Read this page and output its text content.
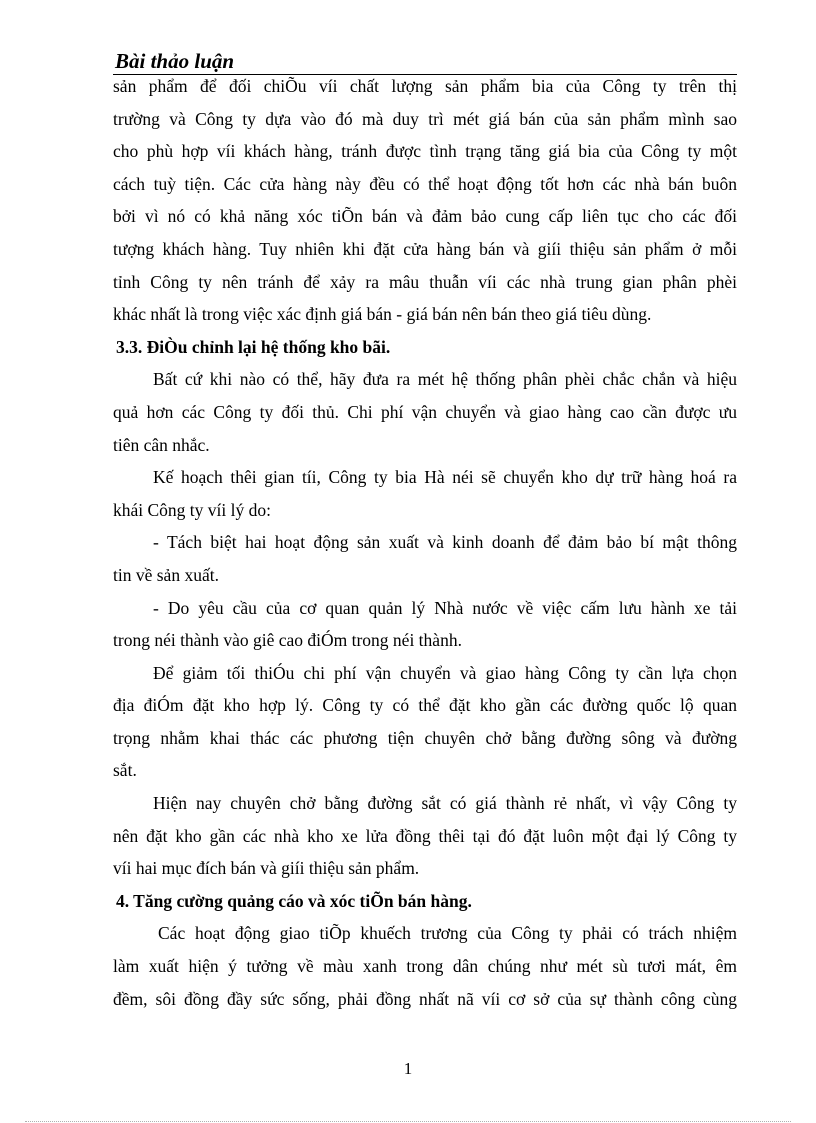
Bài thảo luận
sản phẩm để đối chiÕu víi chất lượng sản phẩm bia của Công ty trên thị
trường và Công ty dựa vào đó mà duy trì mét giá bán của sản phẩm mình sao
cho phù hợp víi khách hàng, tránh được tình trạng tăng giá bia của Công ty một
cách tuỳ tiện. Các cửa hàng này đều có thể hoạt động tốt hơn các nhà bán buôn
bởi vì nó có khả năng xóc tiÕn bán và đảm bảo cung cấp liên tục cho các đối
tượng khách hàng. Tuy nhiên khi đặt cửa hàng bán và giíi thiệu sản phẩm ở mỗi
tỉnh Công ty nên tránh để xảy ra mâu thuẫn víi các nhà trung gian phân phèi
khác nhất là trong việc xác định giá bán - giá bán nên bán theo giá tiêu dùng.
3.3. ĐiÒu chỉnh lại hệ thống kho bãi.
Bất cứ khi nào có thể, hãy đưa ra mét hệ thống phân phèi chắc chắn và hiệu
quả hơn các Công ty đối thủ. Chi phí vận chuyển và giao hàng cao cần được ưu
tiên cân nhắc.
Kế hoạch thêi gian tíi, Công ty bia Hà néi sẽ chuyển kho dự trữ hàng hoá ra
khái Công ty víi lý do:
- Tách biệt hai hoạt động sản xuất và kinh doanh để đảm bảo bí mật thông
tin về sản xuất.
- Do yêu cầu của cơ quan quản lý Nhà nước về việc cấm lưu hành xe tải
trong néi thành vào giê cao điÓm trong néi thành.
Để giảm tối thiÓu chi phí vận chuyển và giao hàng Công ty cần lựa chọn
địa điÓm đặt kho hợp lý. Công ty có thể đặt kho gần các đường quốc lộ quan
trọng nhằm khai thác các phương tiện chuyên chở bằng đường sông và đường
sắt.
Hiện nay chuyên chở bằng đường sắt có giá thành rẻ nhất, vì vậy Công ty
nên đặt kho gần các nhà kho xe lửa đồng thêi tại đó đặt luôn một đại lý Công ty
víi hai mục đích bán và giíi thiệu sản phẩm.
4. Tăng cường quảng cáo và xóc tiÕn bán hàng.
Các hoạt động giao tiÕp khuếch trương của Công ty phải có trách nhiệm
làm xuất hiện ý tưởng về màu xanh trong dân chúng như mét sù tươi mát, êm
đềm, sôi đồng đầy sức sống, phải đồng nhất nã víi cơ sở của sự thành công cùng
1
